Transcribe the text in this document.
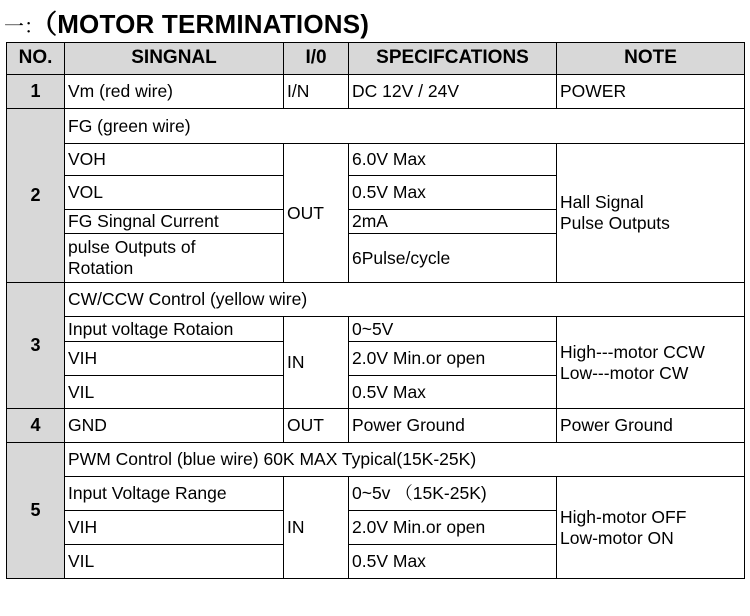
一：（MOTOR TERMINATIONS)
NO.	SINGNAL	I/0	SPECIFCATIONS	NOTE
1	Vm (red wire)	I/N	DC 12V / 24V	POWER
2	FG (green wire)			
	VOH	OUT	6.0V Max	Hall Signal
Pulse Outputs

	VOL		0.5V Max	
	FG Singnal Current		2mA	

	pulse Outputs of
Rotation		6Pulse/cycle	
3	CW/CCW Control (yellow wire)			
	Input voltage Rotaion	IN	0~5V	High---motor CCW
Low---motor CW

	VIH		2.0V Min.or open	
	VIL		0.5V Max	
4	GND	OUT	Power Ground	Power Ground
5	PWM Control (blue wire) 60K MAX Typical(15K-25K)			
	Input Voltage Range	IN	0~5v （15K-25K)	High-motor OFF
Low-motor ON

	VIH		2.0V Min.or open	
	VIL		0.5V Max	
